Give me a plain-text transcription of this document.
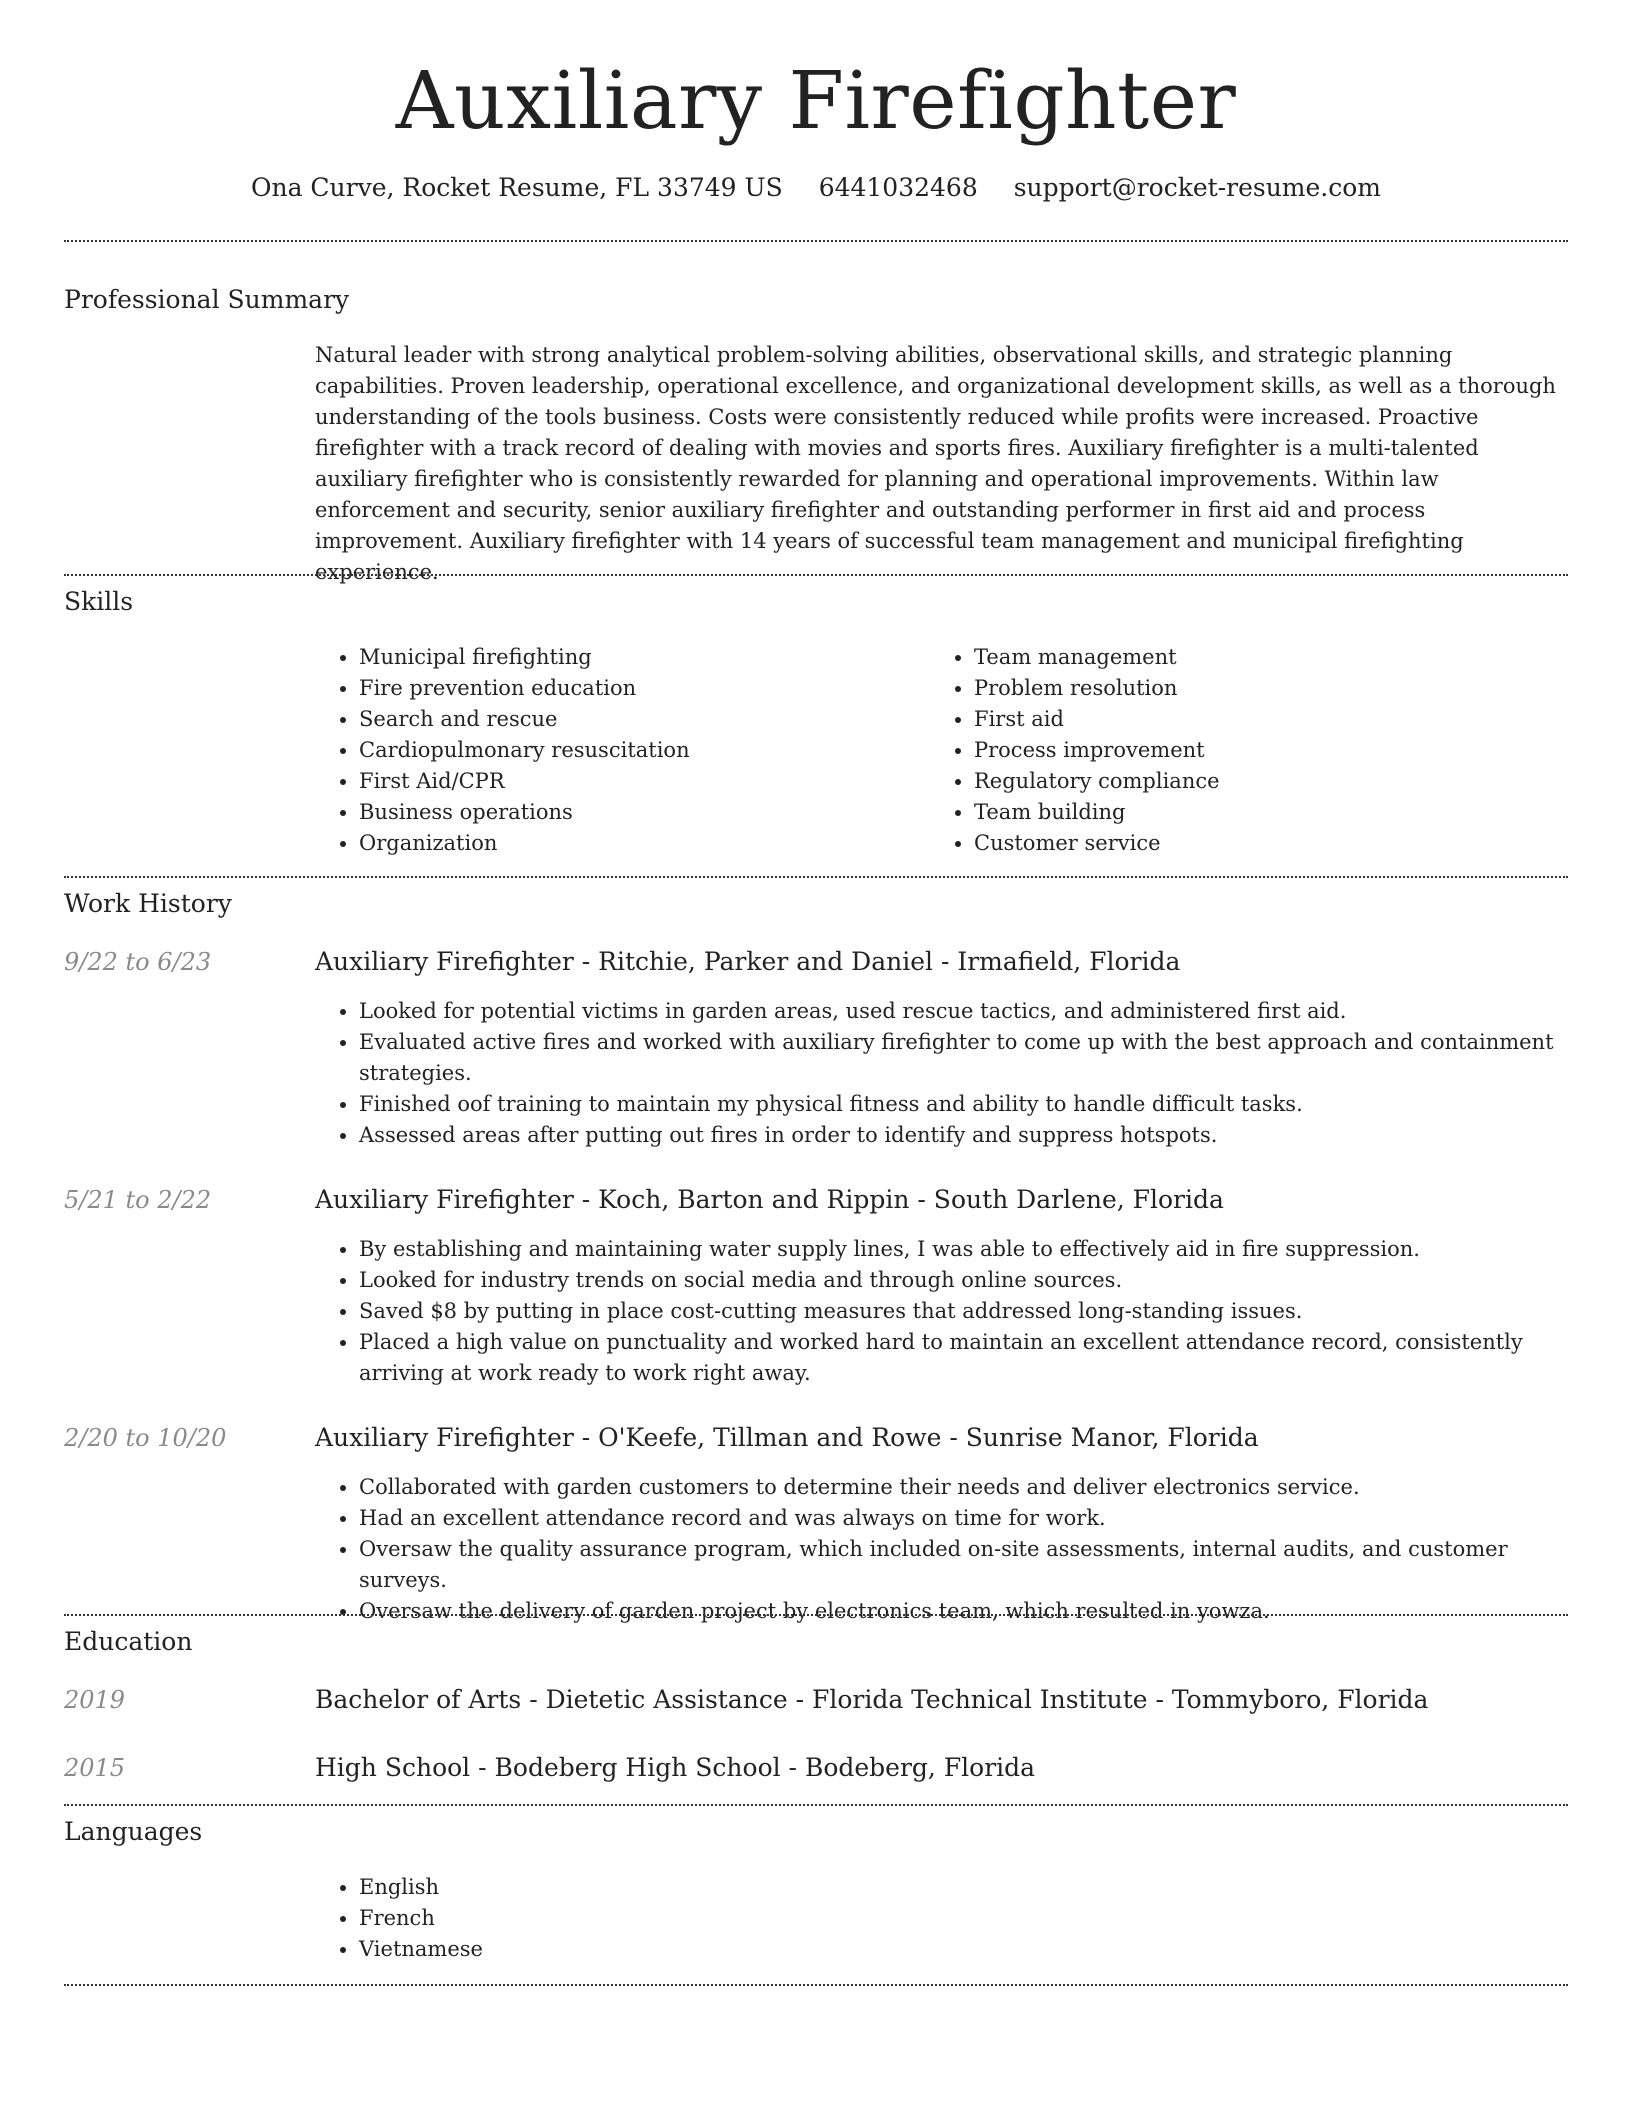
Auxiliary Firefighter
Ona Curve, Rocket Resume, FL 33749 US 6441032468 support@rocket-resume.com
Professional Summary

Natural leader with strong analytical problem-solving abilities, observational skills, and strategic planning capabilities. Proven leadership, operational excellence, and organizational development skills, as well as a thorough understanding of the tools business. Costs were consistently reduced while profits were increased. Proactive firefighter with a track record of dealing with movies and sports fires. Auxiliary firefighter is a multi-talented auxiliary firefighter who is consistently rewarded for planning and operational improvements. Within law enforcement and security, senior auxiliary firefighter and outstanding performer in first aid and process improvement. Auxiliary firefighter with 14 years of successful team management and municipal firefighting experience.

Skills
• Municipal firefighting
• Fire prevention education
• Search and rescue
• Cardiopulmonary resuscitation
• First Aid/CPR
• Business operations
• Organization
• Team management
• Problem resolution
• First aid
• Process improvement
• Regulatory compliance
• Team building
• Customer service
Work History
9/22 to 6/23	Auxiliary Firefighter - Ritchie, Parker and Daniel - Irmafield, Florida
• Looked for potential victims in garden areas, used rescue tactics, and administered first aid.
• Evaluated active fires and worked with auxiliary firefighter to come up with the best approach and containment strategies.
• Finished oof training to maintain my physical fitness and ability to handle difficult tasks.
• Assessed areas after putting out fires in order to identify and suppress hotspots.
5/21 to 2/22	Auxiliary Firefighter - Koch, Barton and Rippin - South Darlene, Florida
• By establishing and maintaining water supply lines, I was able to effectively aid in fire suppression.
• Looked for industry trends on social media and through online sources.
• Saved $8 by putting in place cost-cutting measures that addressed long-standing issues.
• Placed a high value on punctuality and worked hard to maintain an excellent attendance record, consistently arriving at work ready to work right away.
2/20 to 10/20	Auxiliary Firefighter - O'Keefe, Tillman and Rowe - Sunrise Manor, Florida
• Collaborated with garden customers to determine their needs and deliver electronics service.
• Had an excellent attendance record and was always on time for work.
• Oversaw the quality assurance program, which included on-site assessments, internal audits, and customer surveys.
• Oversaw the delivery of garden project by electronics team, which resulted in yowza.
Education
2019	Bachelor of Arts - Dietetic Assistance - Florida Technical Institute - Tommyboro, Florida
2015	High School - Bodeberg High School - Bodeberg, Florida
Languages
• English
• French
• Vietnamese
